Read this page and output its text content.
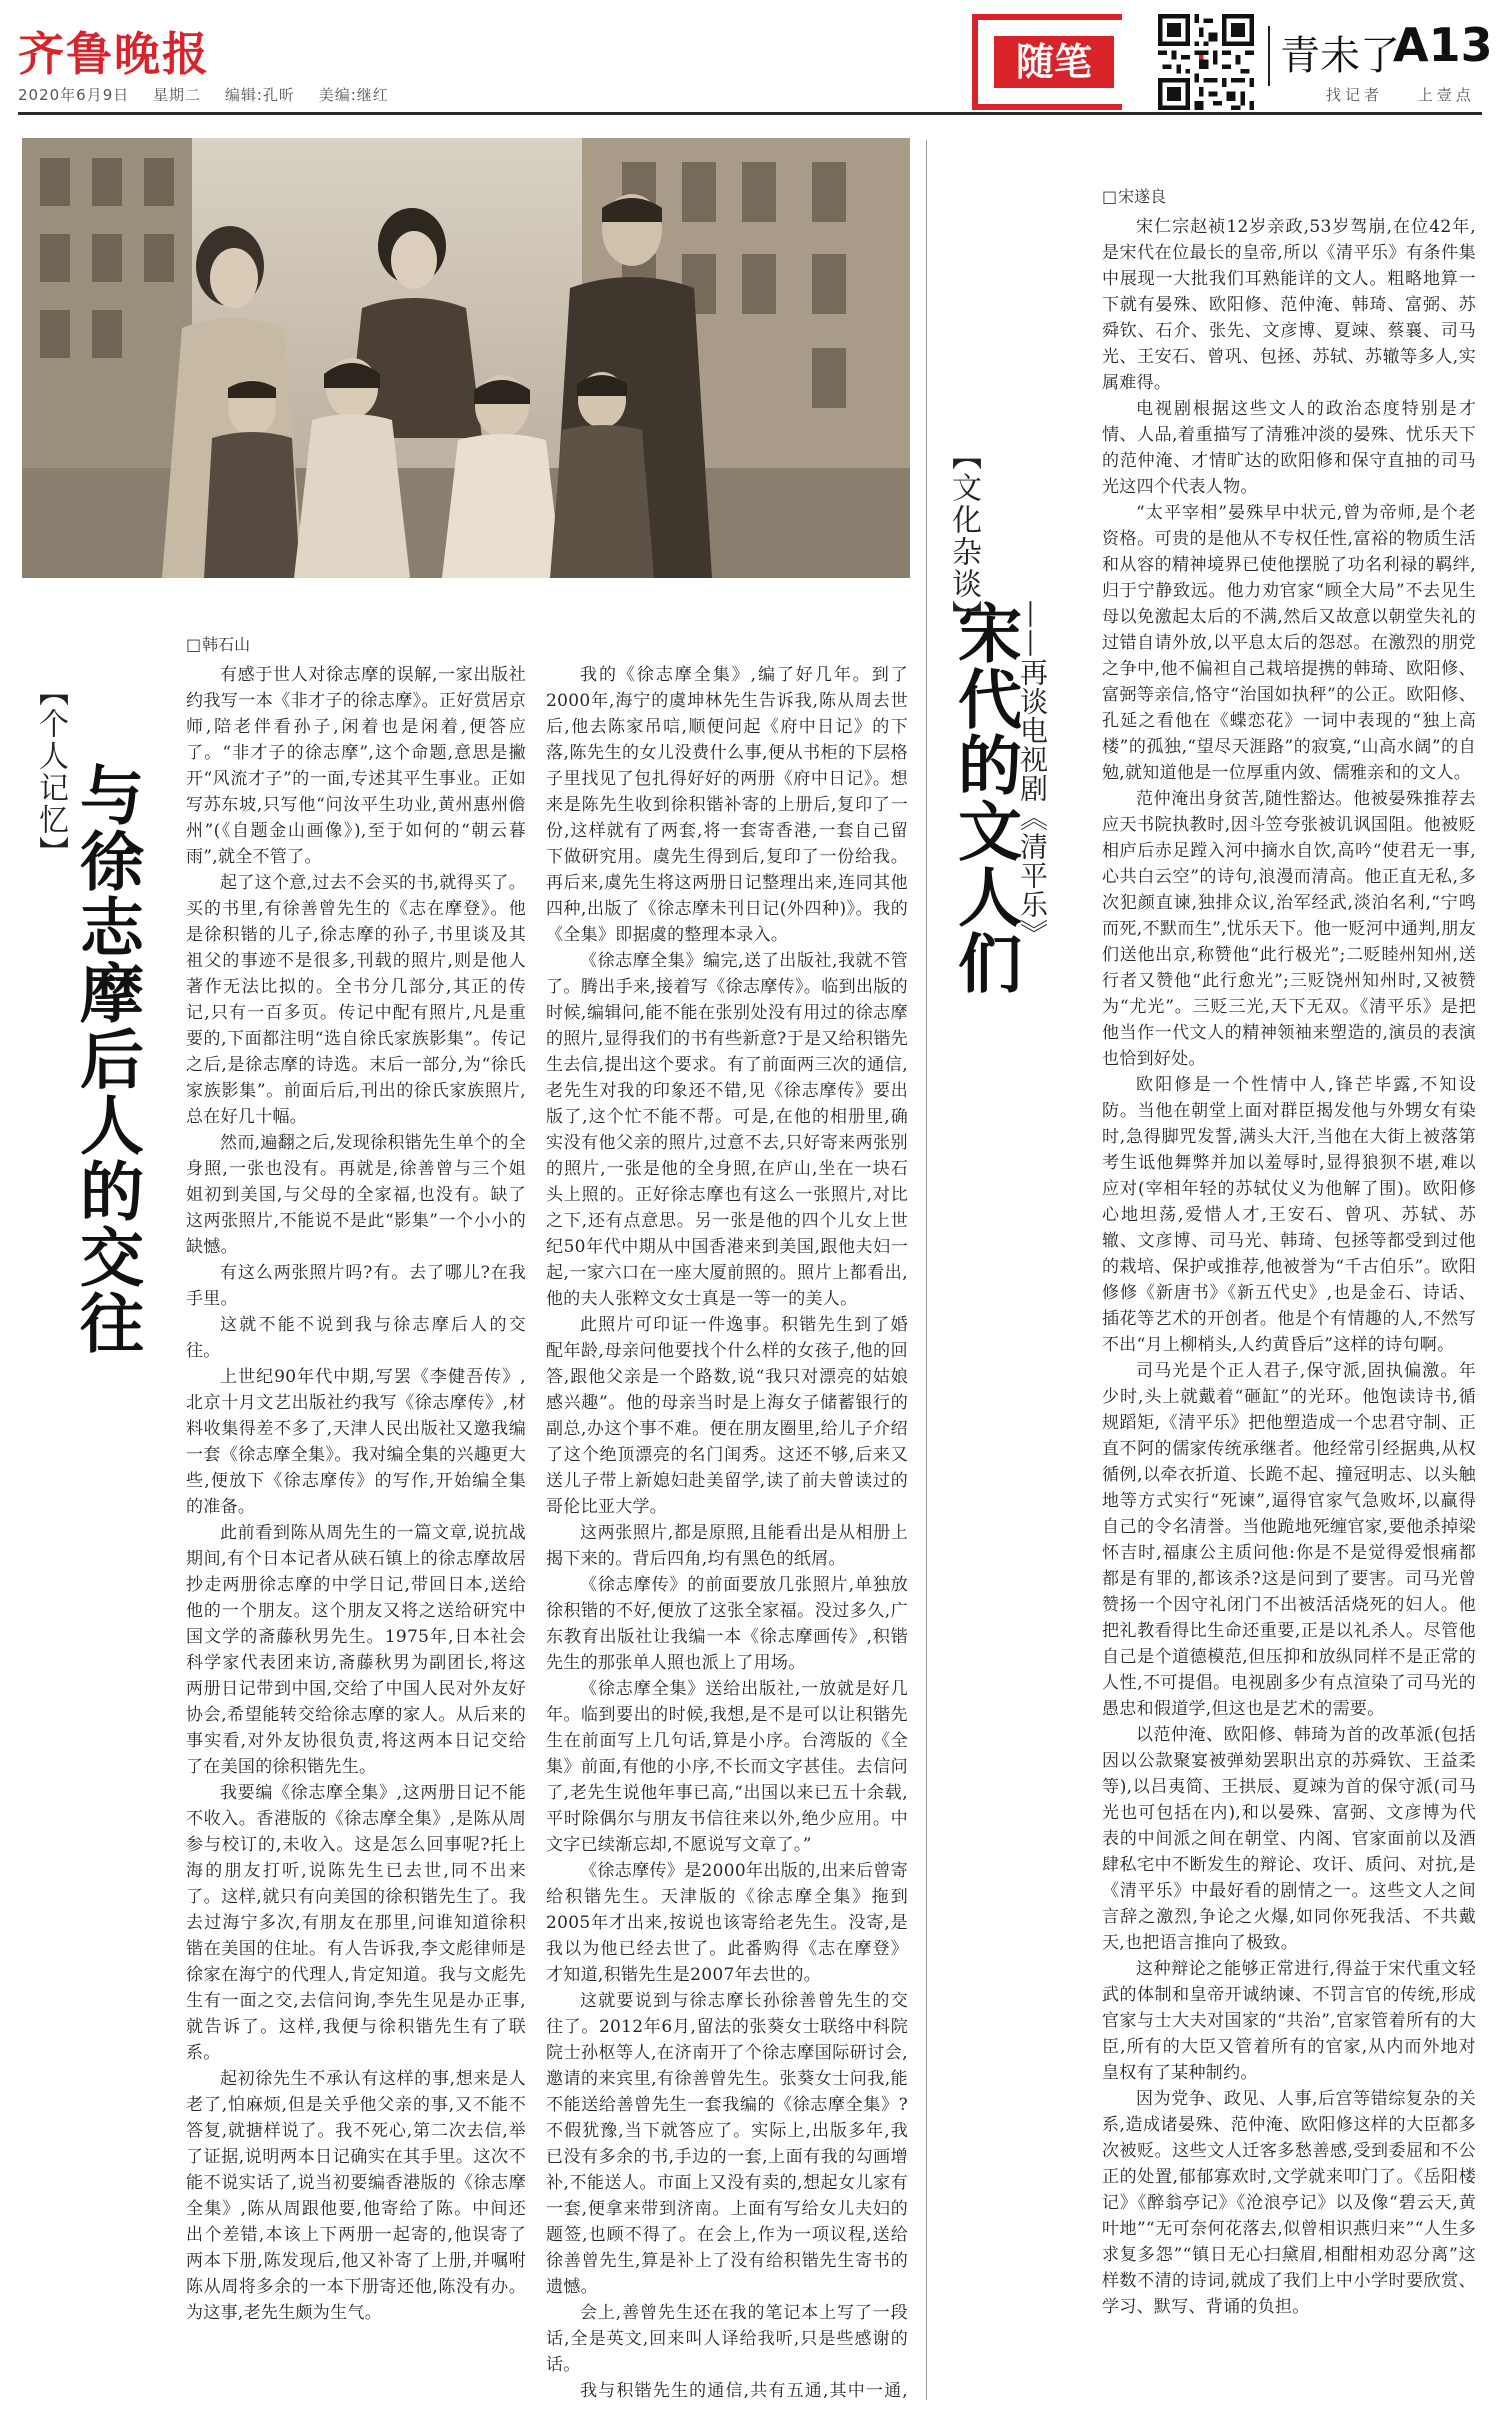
齐鲁晚报
2020年6月9日 星期二 编辑:孔昕 美编:继红
随笔	青未了
A13
找记者 上壹点
【个人记忆】 与徐志摩后人的交往
□ 韩石山

有感于世人对徐志摩的误解,一家出版社约我写一本《非才子的徐志摩》。正好赏居京师,陪老伴看孙子,闲着也是闲着,便答应了。“非才子的徐志摩”,这个命题,意思是撇开“风流才子”的一面,专述其平生事业。正如写苏东坡,只写他“问汝平生功业,黄州惠州儋州”(《自题金山画像》),至于如何的“朝云暮雨”,就全不管了。

起了这个意,过去不会买的书,就得买了。买的书里,有徐善曾先生的《志在摩登》。他是徐积锴的儿子,徐志摩的孙子,书里谈及其祖父的事迹不是很多,刊载的照片,则是他人著作无法比拟的。全书分几部分,其正的传记,只有一百多页。传记中配有照片,凡是重要的,下面都注明“选自徐氏家族影集”。传记之后,是徐志摩的诗选。末后一部分,为“徐氏家族影集”。前面后后,刊出的徐氏家族照片,总在好几十幅。

然而,遍翻之后,发现徐积锴先生单个的全身照,一张也没有。再就是,徐善曾与三个姐姐初到美国,与父母的全家福,也没有。缺了这两张照片,不能说不是此“影集”一个小小的缺憾。

有这么两张照片吗?有。去了哪儿?在我手里。

这就不能不说到我与徐志摩后人的交往。

上世纪90年代中期,写罢《李健吾传》,北京十月文艺出版社约我写《徐志摩传》,材料收集得差不多了,天津人民出版社又邀我编一套《徐志摩全集》。我对编全集的兴趣更大些,便放下《徐志摩传》的写作,开始编全集的准备。

此前看到陈从周先生的一篇文章,说抗战期间,有个日本记者从硖石镇上的徐志摩故居抄走两册徐志摩的中学日记,带回日本,送给他的一个朋友。这个朋友又将之送给研究中国文学的斋藤秋男先生。1975年,日本社会科学家代表团来访,斋藤秋男为副团长,将这两册日记带到中国,交给了中国人民对外友好协会,希望能转交给徐志摩的家人。从后来的事实看,对外友协很负责,将这两本日记交给了在美国的徐积锴先生。

我要编《徐志摩全集》,这两册日记不能不收入。香港版的《徐志摩全集》,是陈从周参与校订的,未收入。这是怎么回事呢?托上海的朋友打听,说陈先生已去世,同不出来了。这样,就只有向美国的徐积锴先生了。我去过海宁多次,有朋友在那里,问谁知道徐积锴在美国的住址。有人告诉我,李文彪律师是徐家在海宁的代理人,肯定知道。我与文彪先生有一面之交,去信问询,李先生见是办正事,就告诉了。这样,我便与徐积锴先生有了联系。

起初徐先生不承认有这样的事,想来是人老了,怕麻烦,但是关乎他父亲的事,又不能不答复,就搪样说了。我不死心,第二次去信,举了证据,说明两本日记确实在其手里。这次不能不说实话了,说当初要编香港版的《徐志摩全集》,陈从周跟他要,他寄给了陈。中间还出个差错,本该上下两册一起寄的,他误寄了两本下册,陈发现后,他又补寄了上册,并嘱咐陈从周将多余的一本下册寄还他,陈没有办。为这事,老先生颇为生气。

我的《徐志摩全集》,编了好几年。到了2000年,海宁的虞坤林先生告诉我,陈从周去世后,他去陈家吊唁,顺便问起《府中日记》的下落,陈先生的女儿没费什么事,便从书柜的下层格子里找见了包扎得好好的两册《府中日记》。想来是陈先生收到徐积锴补寄的上册后,复印了一份,这样就有了两套,将一套寄香港,一套自己留下做研究用。虞先生得到后,复印了一份给我。再后来,虞先生将这两册日记整理出来,连同其他四种,出版了《徐志摩未刊日记(外四种)》。我的《全集》即据虞的整理本录入。

《徐志摩全集》编完,送了出版社,我就不管了。腾出手来,接着写《徐志摩传》。临到出版的时候,编辑问,能不能在张别处没有用过的徐志摩的照片,显得我们的书有些新意?于是又给积锴先生去信,提出这个要求。有了前面两三次的通信,老先生对我的印象还不错,见《徐志摩传》要出版了,这个忙不能不帮。可是,在他的相册里,确实没有他父亲的照片,过意不去,只好寄来两张别的照片,一张是他的全身照,在庐山,坐在一块石头上照的。正好徐志摩也有这么一张照片,对比之下,还有点意思。另一张是他的四个儿女上世纪50年代中期从中国香港来到美国,跟他夫妇一起,一家六口在一座大厦前照的。照片上都看出,他的夫人张粹文女士真是一等一的美人。

此照片可印证一件逸事。积锴先生到了婚配年龄,母亲问他要找个什么样的女孩子,他的回答,跟他父亲是一个路数,说“我只对漂亮的姑娘感兴趣”。他的母亲当时是上海女子储蓄银行的副总,办这个事不难。便在朋友圈里,给儿子介绍了这个绝顶漂亮的名门闺秀。这还不够,后来又送儿子带上新媳妇赴美留学,读了前夫曾读过的哥伦比亚大学。

这两张照片,都是原照,且能看出是从相册上揭下来的。背后四角,均有黑色的纸屑。

《徐志摩传》的前面要放几张照片,单独放徐积锴的不好,便放了这张全家福。没过多久,广东教育出版社让我编一本《徐志摩画传》,积锴先生的那张单人照也派上了用场。

《徐志摩全集》送给出版社,一放就是好几年。临到要出的时候,我想,是不是可以让积锴先生在前面写上几句话,算是小序。台湾版的《全集》前面,有他的小序,不长而文字甚佳。去信问了,老先生说他年事已高,“出国以来已五十余载,平时除偶尔与朋友书信往来以外,绝少应用。中文字已续渐忘却,不愿说写文章了。”

《徐志摩传》是2000年出版的,出来后曾寄给积锴先生。天津版的《徐志摩全集》拖到2005年才出来,按说也该寄给老先生。没寄,是我以为他已经去世了。此番购得《志在摩登》才知道,积锴先生是2007年去世的。

这就要说到与徐志摩长孙徐善曾先生的交往了。2012年6月,留法的张葵女士联络中科院院士孙枢等人,在济南开了个徐志摩国际研讨会,邀请的来宾里,有徐善曾先生。张葵女士问我,能不能送给善曾先生一套我编的《徐志摩全集》?不假犹豫,当下就答应了。实际上,出版多年,我已没有多余的书,手边的一套,上面有我的勾画增补,不能送人。市面上又没有卖的,想起女儿家有一套,便拿来带到济南。上面有写给女儿夫妇的题签,也顾不得了。在会上,作为一项议程,送给徐善曾先生,算是补上了没有给积锴先生寄书的遗憾。

会上,善曾先生还在我的笔记本上写了一段话,全是英文,回来叫人译给我听,只是些感谢的话。

我与积锴先生的通信,共有五通,其中一通,

【文化杂谈】
——再谈电视剧《清平乐》
宋代的文人们
□ 宋遂良

宋仁宗赵祯12岁亲政,53岁驾崩,在位42年,是宋代在位最长的皇帝,所以《清平乐》有条件集中展现一大批我们耳熟能详的文人。粗略地算一下就有晏殊、欧阳修、范仲淹、韩琦、富弼、苏舜钦、石介、张先、文彦博、夏竦、蔡襄、司马光、王安石、曾巩、包拯、苏轼、苏辙等多人,实属难得。

电视剧根据这些文人的政治态度特别是才情、人品,着重描写了清雅冲淡的晏殊、忧乐天下的范仲淹、才情旷达的欧阳修和保守直抽的司马光这四个代表人物。

“太平宰相”晏殊早中状元,曾为帝师,是个老资格。可贵的是他从不专权任性,富裕的物质生活和从容的精神境界已使他摆脱了功名利禄的羁绊,归于宁静致远。他力劝官家“顾全大局”不去见生母以免激起太后的不满,然后又故意以朝堂失礼的过错自请外放,以平息太后的怨怼。在激烈的朋党之争中,他不偏袒自己栽培提携的韩琦、欧阳修、富弼等亲信,恪守“治国如执秤”的公正。欧阳修、孔延之看他在《蝶恋花》一词中表现的“独上高楼”的孤独,“望尽天涯路”的寂寞,“山高水阔”的自勉,就知道他是一位厚重内敛、儒雅亲和的文人。

范仲淹出身贫苦,随性豁达。他被晏殊推荐去应天书院执教时,因斗笠夸张被讥讽国阻。他被贬相庐后赤足蹚入河中摘水自饮,高吟“使君无一事,心共白云空”的诗句,浪漫而清高。他正直无私,多次犯颜直谏,独排众议,治军经武,淡泊名利,“宁鸣而死,不默而生”,忧乐天下。他一贬河中通判,朋友们送他出京,称赞他“此行极光”;二贬睦州知州,送行者又赞他“此行愈光”;三贬饶州知州时,又被赞为“尤光”。三贬三光,天下无双。《清平乐》是把他当作一代文人的精神领袖来塑造的,演员的表演也恰到好处。

欧阳修是一个性情中人,锋芒毕露,不知设防。当他在朝堂上面对群臣揭发他与外甥女有染时,急得脚咒发誓,满头大汗,当他在大街上被落第考生诋他舞弊并加以羞辱时,显得狼狈不堪,难以应对(宰相年轻的苏轼仗义为他解了围)。欧阳修心地坦荡,爱惜人才,王安石、曾巩、苏轼、苏辙、文彦博、司马光、韩琦、包拯等都受到过他的栽培、保护或推荐,他被誉为“千古伯乐”。欧阳修修《新唐书》《新五代史》,也是金石、诗话、插花等艺术的开创者。他是个有情趣的人,不然写不出“月上柳梢头,人约黄昏后”这样的诗句啊。

司马光是个正人君子,保守派,固执偏激。年少时,头上就戴着“砸缸”的光环。他饱读诗书,循规蹈矩,《清平乐》把他塑造成一个忠君守制、正直不阿的儒家传统承继者。他经常引经据典,从权循例,以牵衣折道、长跪不起、撞冠明志、以头触地等方式实行“死谏”,逼得官家气急败坏,以赢得自己的令名清誉。当他跪地死缠官家,要他杀掉梁怀吉时,福康公主质问他:你是不是觉得爱恨痛都都是有罪的,都该杀?这是问到了要害。司马光曾赞扬一个因守礼闭门不出被活活烧死的妇人。他把礼教看得比生命还重要,正是以礼杀人。尽管他自己是个道德模范,但压抑和放纵同样不是正常的人性,不可提倡。电视剧多少有点渲染了司马光的愚忠和假道学,但这也是艺术的需要。

以范仲淹、欧阳修、韩琦为首的改革派(包括因以公款聚宴被弹劾罢职出京的苏舜钦、王益柔等),以吕夷简、王拱辰、夏竦为首的保守派(司马光也可包括在内),和以晏殊、富弼、文彦博为代表的中间派之间在朝堂、内阁、官家面前以及酒肆私宅中不断发生的辩论、攻讦、质问、对抗,是《清平乐》中最好看的剧情之一。这些文人之间言辞之激烈,争论之火爆,如同你死我活、不共戴天,也把语言推向了极致。

这种辩论之能够正常进行,得益于宋代重文轻武的体制和皇帝开诚纳谏、不罚言官的传统,形成官家与士大夫对国家的“共治”,官家管着所有的大臣,所有的大臣又管着所有的官家,从内而外地对皇权有了某种制约。

因为党争、政见、人事,后宫等错综复杂的关系,造成诸晏殊、范仲淹、欧阳修这样的大臣都多次被贬。这些文人迁客多愁善感,受到委屈和不公正的处置,郁郁寡欢时,文学就来叩门了。《岳阳楼记》《醉翁亭记》《沧浪亭记》以及像“碧云天,黄叶地”“无可奈何花落去,似曾相识燕归来”“人生多求复多怨”“镇日无心扫黛眉,相酣相劝忍分离”这样数不清的诗词,就成了我们上中小学时要欣赏、学习、默写、背诵的负担。
